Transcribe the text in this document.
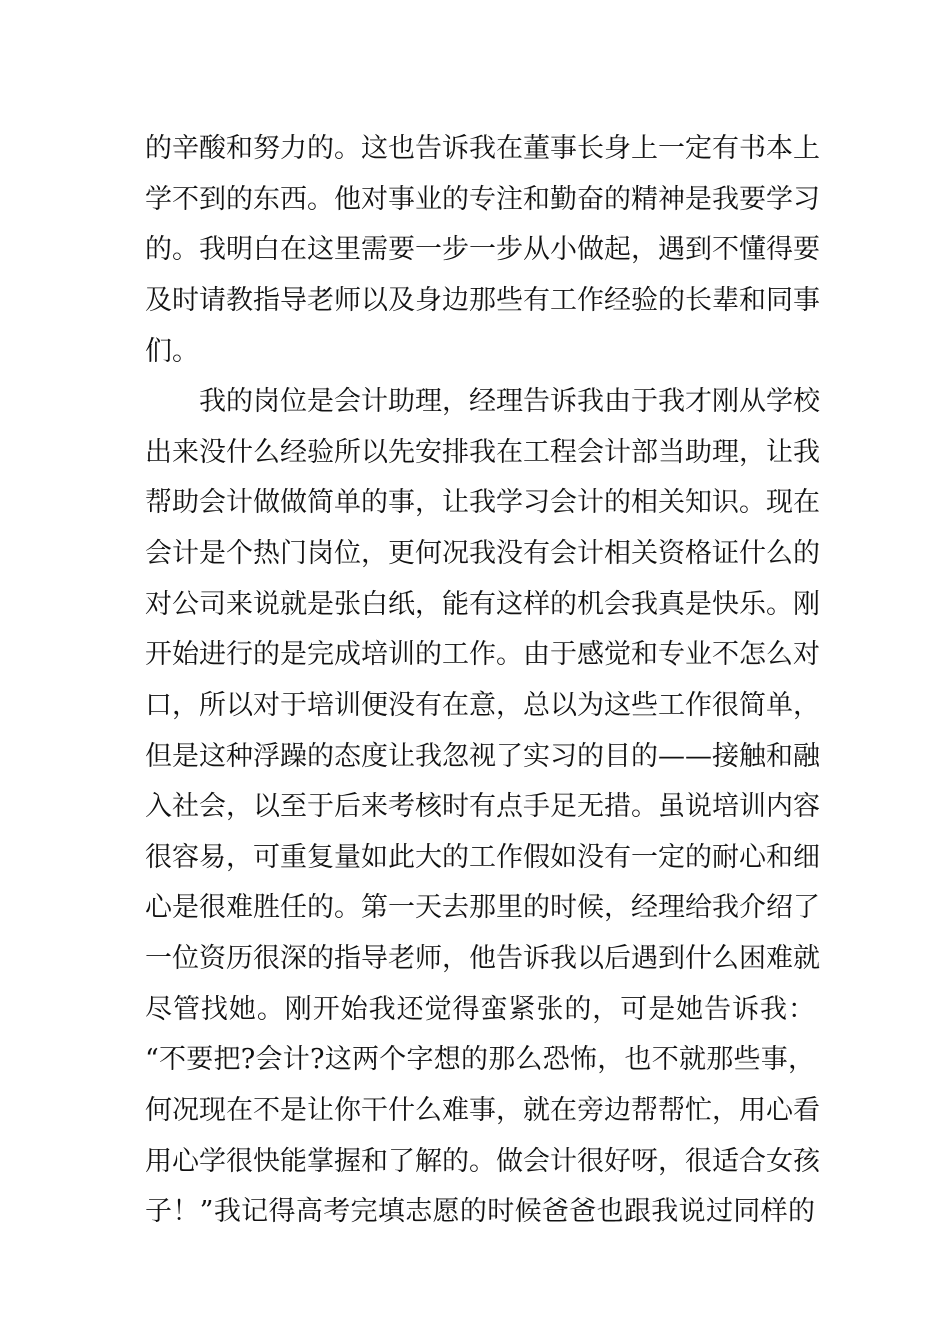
的辛酸和努力的。这也告诉我在董事长身上一定有书本上
学不到的东西。他对事业的专注和勤奋的精神是我要学习
的。我明白在这里需要一步一步从小做起，遇到不懂得要
及时请教指导老师以及身边那些有工作经验的长辈和同事
们。
我的岗位是会计助理，经理告诉我由于我才刚从学校
出来没什么经验所以先安排我在工程会计部当助理，让我
帮助会计做做简单的事，让我学习会计的相关知识。现在
会计是个热门岗位，更何况我没有会计相关资格证什么的
对公司来说就是张白纸，能有这样的机会我真是快乐。刚
开始进行的是完成培训的工作。由于感觉和专业不怎么对
口，所以对于培训便没有在意，总以为这些工作很简单，
但是这种浮躁的态度让我忽视了实习的目的——接触和融
入社会，以至于后来考核时有点手足无措。虽说培训内容
很容易，可重复量如此大的工作假如没有一定的耐心和细
心是很难胜任的。第一天去那里的时候，经理给我介绍了
一位资历很深的指导老师，他告诉我以后遇到什么困难就
尽管找她。刚开始我还觉得蛮紧张的，可是她告诉我：
“不要把?会计?这两个字想的那么恐怖，也不就那些事，
何况现在不是让你干什么难事，就在旁边帮帮忙，用心看
用心学很快能掌握和了解的。做会计很好呀，很适合女孩
子！”我记得高考完填志愿的时候爸爸也跟我说过同样的
